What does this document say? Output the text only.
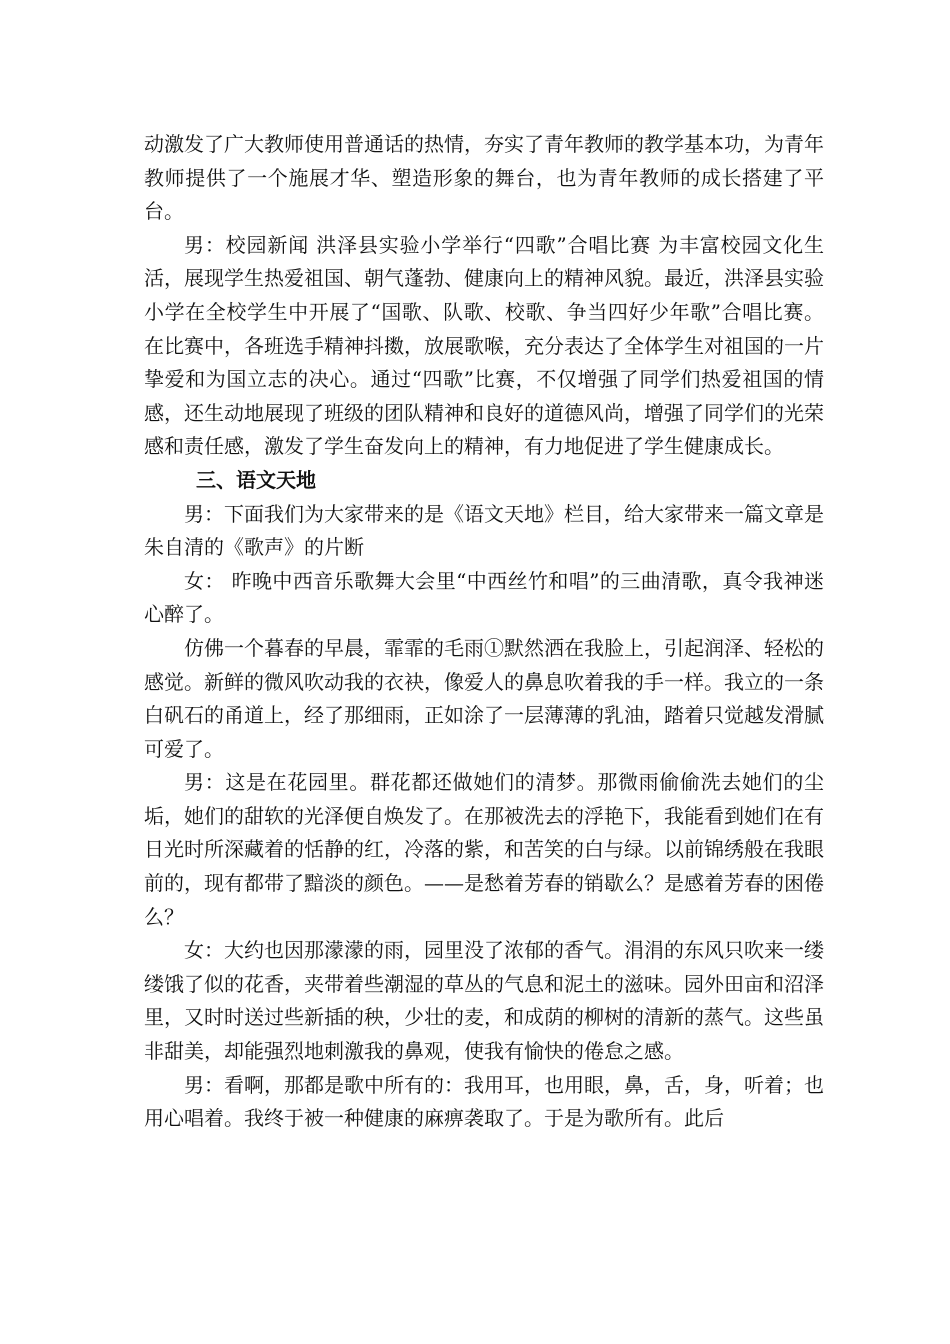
动激发了广大教师使用普通话的热情，夯实了青年教师的教学基本功，为青年教师提供了一个施展才华、塑造形象的舞台，也为青年教师的成长搭建了平台。

男：校园新闻 洪泽县实验小学举行“四歌”合唱比赛 为丰富校园文化生活，展现学生热爱祖国、朝气蓬勃、健康向上的精神风貌。最近，洪泽县实验小学在全校学生中开展了“国歌、队歌、校歌、争当四好少年歌”合唱比赛。在比赛中，各班选手精神抖擞，放展歌喉，充分表达了全体学生对祖国的一片挚爱和为国立志的决心。通过“四歌”比赛，不仅增强了同学们热爱祖国的情感，还生动地展现了班级的团队精神和良好的道德风尚，增强了同学们的光荣感和责任感，激发了学生奋发向上的精神，有力地促进了学生健康成长。

三、语文天地

男：下面我们为大家带来的是《语文天地》栏目，给大家带来一篇文章是朱自清的《歌声》的片断

女： 昨晚中西音乐歌舞大会里“中西丝竹和唱”的三曲清歌，真令我神迷心醉了。

仿佛一个暮春的早晨，霏霏的毛雨①默然洒在我脸上，引起润泽、轻松的感觉。新鲜的微风吹动我的衣袂，像爱人的鼻息吹着我的手一样。我立的一条白矾石的甬道上，经了那细雨，正如涂了一层薄薄的乳油，踏着只觉越发滑腻可爱了。

男：这是在花园里。群花都还做她们的清梦。那微雨偷偷洗去她们的尘垢，她们的甜软的光泽便自焕发了。在那被洗去的浮艳下，我能看到她们在有日光时所深藏着的恬静的红，冷落的紫，和苦笑的白与绿。以前锦绣般在我眼前的，现有都带了黯淡的颜色。——是愁着芳春的销歇么？是感着芳春的困倦么？

女：大约也因那濛濛的雨，园里没了浓郁的香气。涓涓的东风只吹来一缕缕饿了似的花香，夹带着些潮湿的草丛的气息和泥土的滋味。园外田亩和沼泽里，又时时送过些新插的秧，少壮的麦，和成荫的柳树的清新的蒸气。这些虽非甜美，却能强烈地刺激我的鼻观，使我有愉快的倦怠之感。

男：看啊，那都是歌中所有的：我用耳，也用眼，鼻，舌，身，听着；也用心唱着。我终于被一种健康的麻痹袭取了。于是为歌所有。此后
